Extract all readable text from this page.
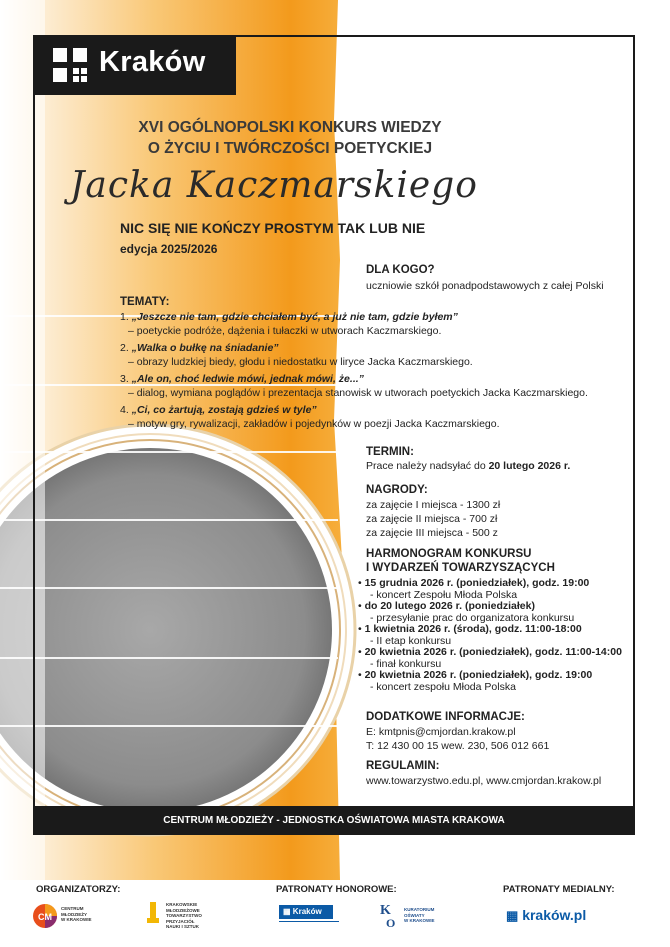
Kraków
XVI OGÓLNOPOLSKI KONKURS WIEDZY
O ŻYCIU I TWÓRCZOŚCI POETYCKIEJ
Jacka Kaczmarskiego
NIC SIĘ NIE KOŃCZY PROSTYM TAK LUB NIE
edycja 2025/2026
DLA KOGO?
uczniowie szkół ponadpodstawowych z całej Polski
TEMATY:
1. „Jeszcze nie tam, gdzie chciałem być, a już nie tam, gdzie byłem”
– poetyckie podróże, dążenia i tułaczki w utworach Kaczmarskiego.
2. „Walka o bułkę na śniadanie”
– obrazy ludzkiej biedy, głodu i niedostatku w liryce Jacka Kaczmarskiego.
3. „Ale on, choć ledwie mówi, jednak mówi, że...”
– dialog, wymiana poglądów i prezentacja stanowisk w utworach poetyckich Jacka Kaczmarskiego.
4. „Ci, co żartują, zostają gdzieś w tyle”
– motyw gry, rywalizacji, zakładów i pojedynków w poezji Jacka Kaczmarskiego.
TERMIN:
Prace należy nadsyłać do 20 lutego 2026 r.
NAGRODY:
za zajęcie I miejsca - 1300 zł
za zajęcie II miejsca - 700 zł
za zajęcie III miejsca - 500 z
HARMONOGRAM KONKURSU
I WYDARZEŃ TOWARZYSZĄCYCH
• 15 grudnia 2026 r. (poniedziałek), godz. 19:00
- koncert Zespołu Młoda Polska
• do 20 lutego 2026 r. (poniedziałek)
- przesyłanie prac do organizatora konkursu
• 1 kwietnia 2026 r. (środa), godz. 11:00-18:00
- II etap konkursu
• 20 kwietnia 2026 r. (poniedziałek), godz. 11:00-14:00
- finał konkursu
• 20 kwietnia 2026 r. (poniedziałek), godz. 19:00
- koncert zespołu Młoda Polska
DODATKOWE INFORMACJE:
E: kmtpnis@cmjordan.krakow.pl
T: 12 430 00 15 wew. 230, 506 012 661
REGULAMIN:
www.towarzystwo.edu.pl, www.cmjordan.krakow.pl
CENTRUM MŁODZIEŻY - JEDNOSTKA OŚWIATOWA MIASTA KRAKOWA
ORGANIZATORZY:	PATRONATY HONOROWE:	PATRONATY MEDIALNY:
CM
CENTRUM
MŁODZIEŻY
W KRAKOWIE
KRAKOWSKIE
MŁODZIEŻOWE
TOWARZYSTWO
PRZYJACIÓŁ
NAUKI I SZTUK
▦ Kraków	K
O
KURATORIUM
OŚWIATY
W KRAKOWIE	▦ kraków.pl
